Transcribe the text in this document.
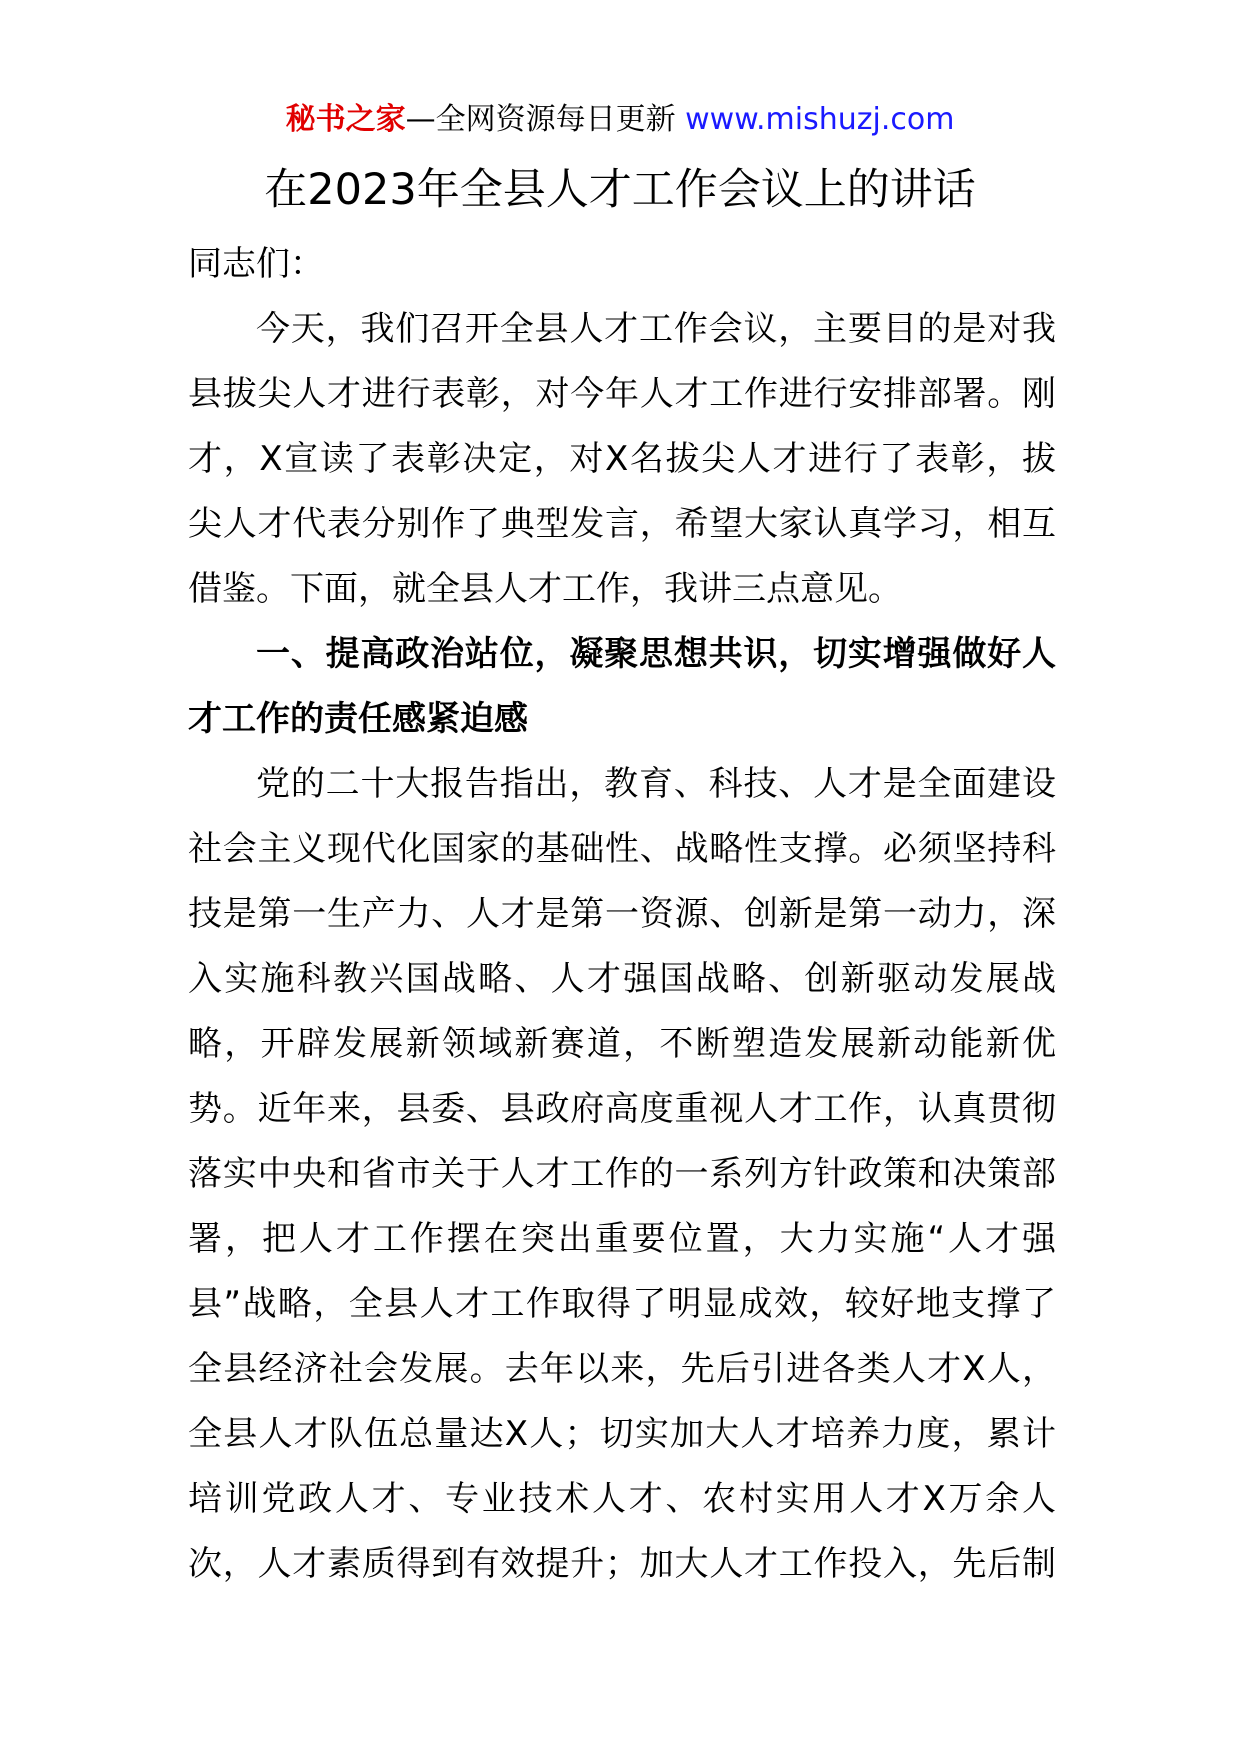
秘书之家—全网资源每日更新 www.mishuzj.com
在2023年全县人才工作会议上的讲话
同志们：
今天，我们召开全县人才工作会议，主要目的是对我
县拔尖人才进行表彰，对今年人才工作进行安排部署。刚
才，X宣读了表彰决定，对X名拔尖人才进行了表彰，拔
尖人才代表分别作了典型发言，希望大家认真学习，相互
借鉴。下面，就全县人才工作，我讲三点意见。
一、提高政治站位，凝聚思想共识，切实增强做好人
才工作的责任感紧迫感
党的二十大报告指出，教育、科技、人才是全面建设
社会主义现代化国家的基础性、战略性支撑。必须坚持科
技是第一生产力、人才是第一资源、创新是第一动力，深
入实施科教兴国战略、人才强国战略、创新驱动发展战
略，开辟发展新领域新赛道，不断塑造发展新动能新优
势。近年来，县委、县政府高度重视人才工作，认真贯彻
落实中央和省市关于人才工作的一系列方针政策和决策部
署，把人才工作摆在突出重要位置，大力实施“人才强
县”战略，全县人才工作取得了明显成效，较好地支撑了
全县经济社会发展。去年以来，先后引进各类人才X人，
全县人才队伍总量达X人；切实加大人才培养力度，累计
培训党政人才、专业技术人才、农村实用人才X万余人
次，人才素质得到有效提升；加大人才工作投入，先后制
